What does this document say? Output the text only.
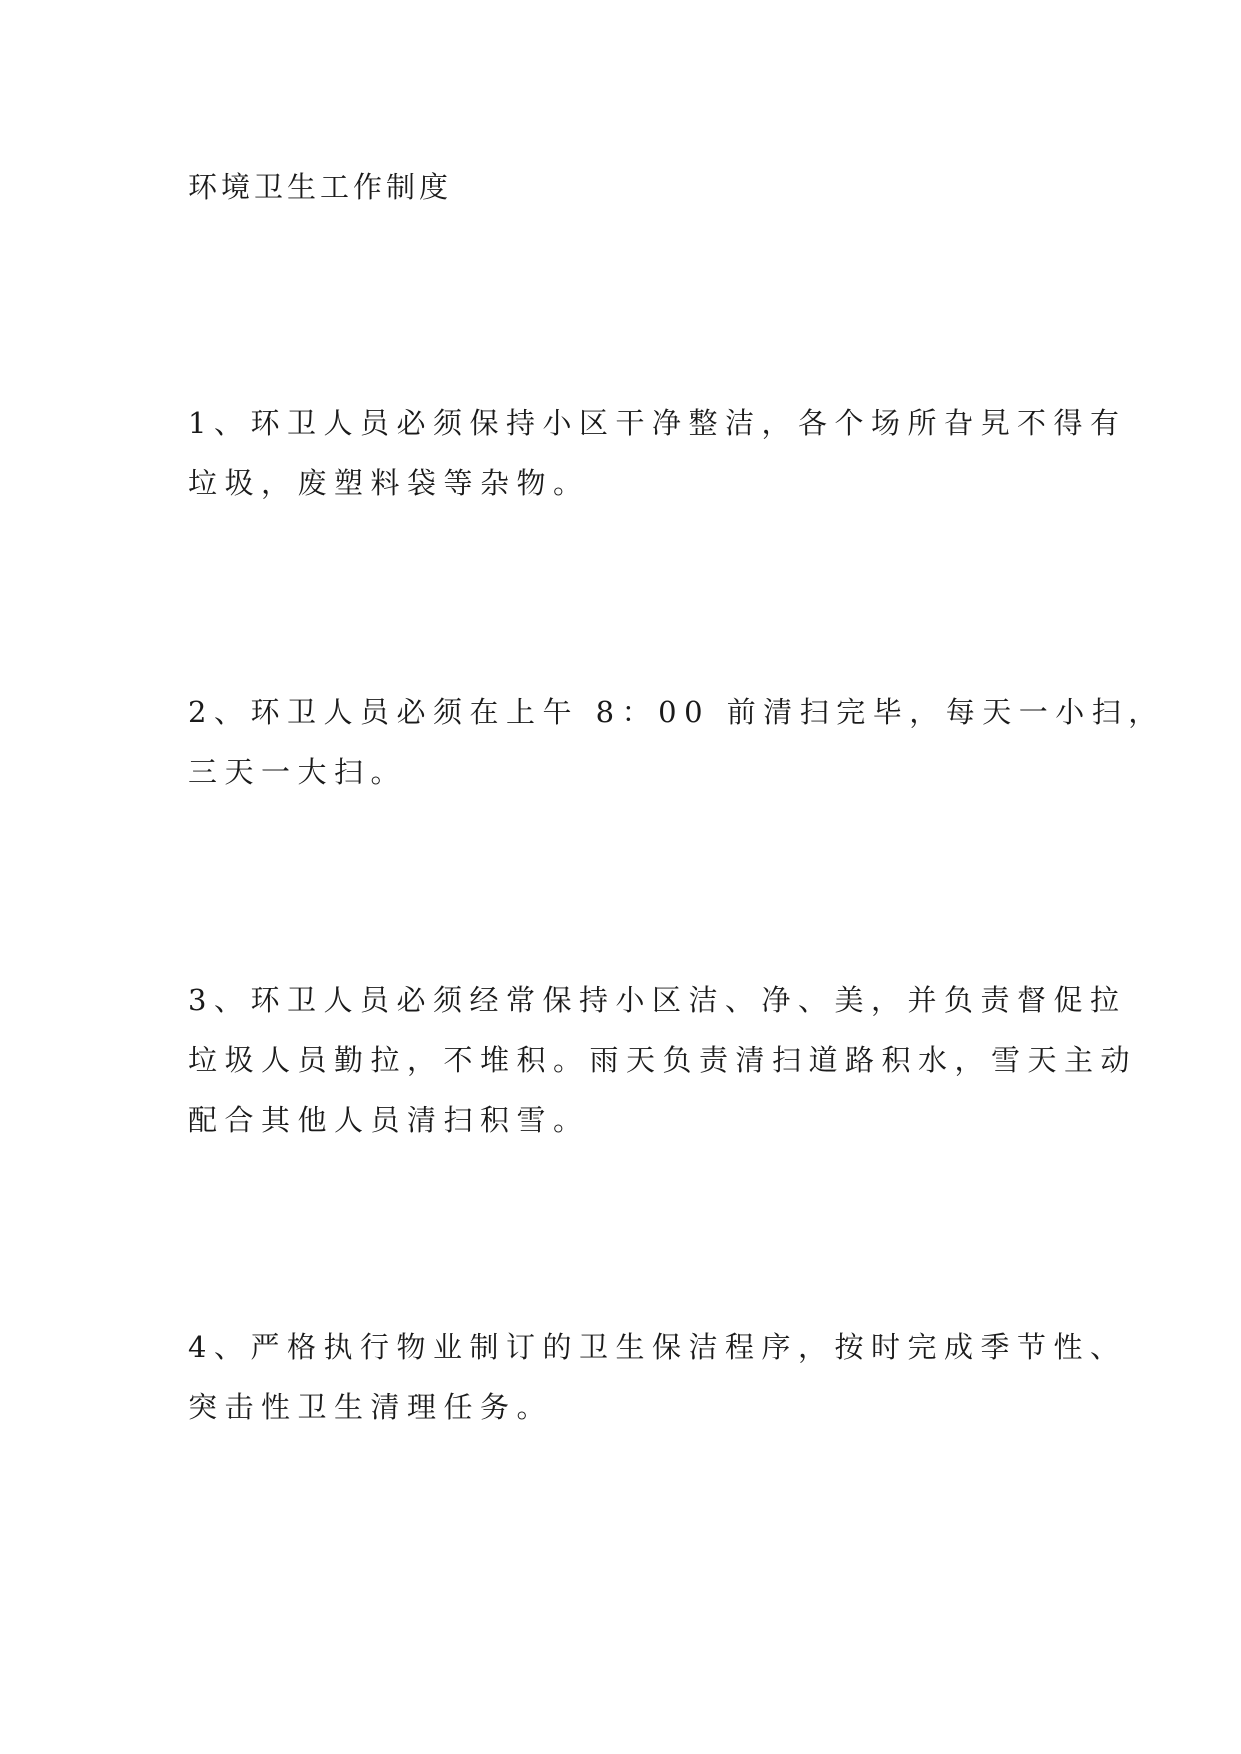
环境卫生工作制度

1、环卫人员必须保持小区干净整洁，各个场所旮旯不得有
垃圾，废塑料袋等杂物。

2、环卫人员必须在上午 8：00 前清扫完毕，每天一小扫，
三天一大扫。

3、环卫人员必须经常保持小区洁、净、美，并负责督促拉
垃圾人员勤拉，不堆积。雨天负责清扫道路积水，雪天主动
配合其他人员清扫积雪。

4、严格执行物业制订的卫生保洁程序，按时完成季节性、
突击性卫生清理任务。
